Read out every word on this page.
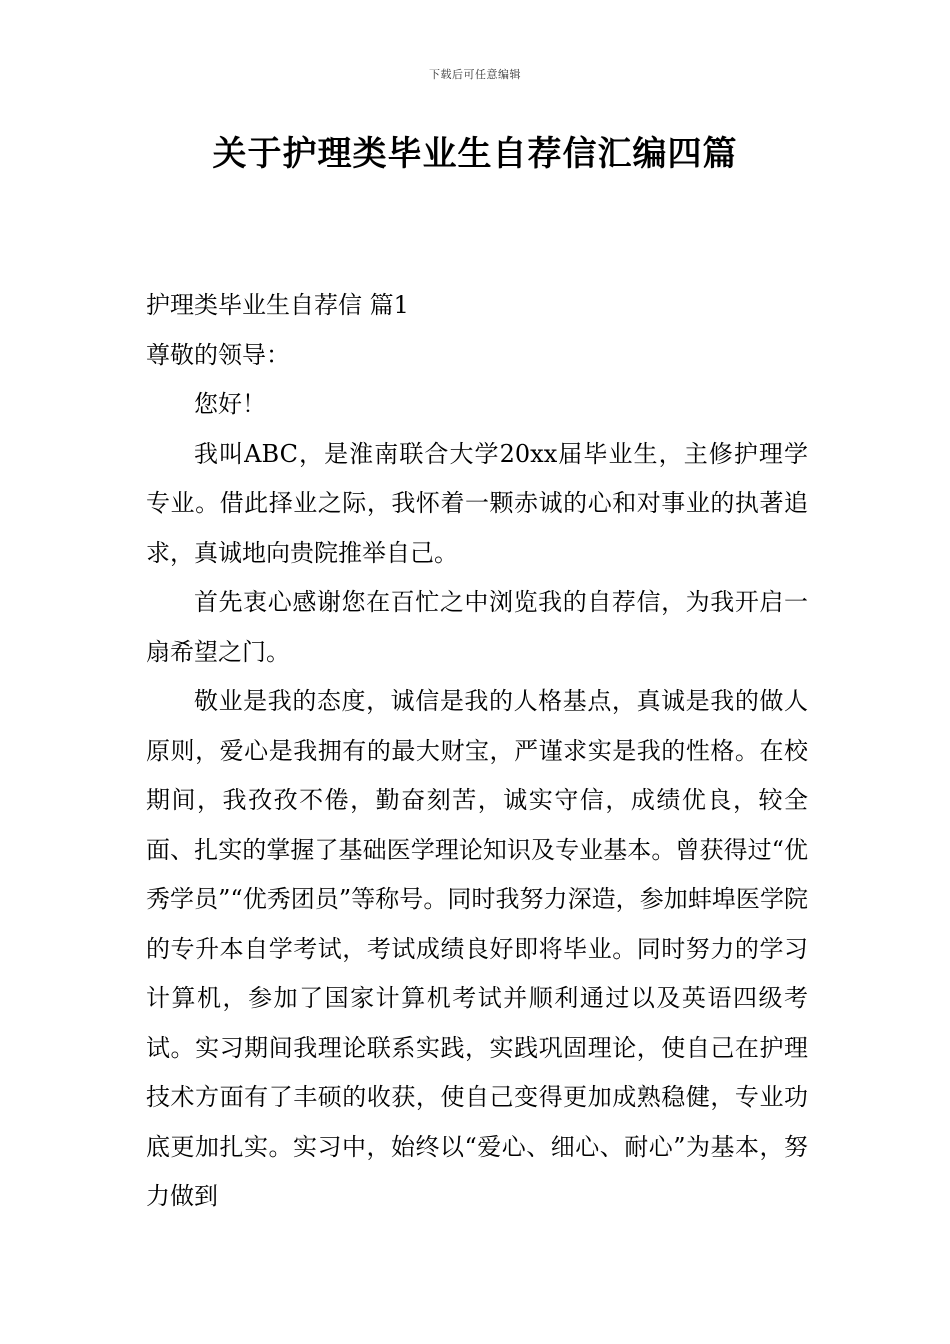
下载后可任意编辑
关于护理类毕业生自荐信汇编四篇

护理类毕业生自荐信 篇1

尊敬的领导：

您好！

我叫ABC，是淮南联合大学20xx届毕业生，主修护理学专业。借此择业之际，我怀着一颗赤诚的心和对事业的执著追求，真诚地向贵院推举自己。

首先衷心感谢您在百忙之中浏览我的自荐信，为我开启一扇希望之门。

敬业是我的态度，诚信是我的人格基点，真诚是我的做人原则，爱心是我拥有的最大财宝，严谨求实是我的性格。在校期间，我孜孜不倦，勤奋刻苦，诚实守信，成绩优良，较全面、扎实的掌握了基础医学理论知识及专业基本。曾获得过“优秀学员”“优秀团员”等称号。同时我努力深造，参加蚌埠医学院的专升本自学考试，考试成绩良好即将毕业。同时努力的学习计算机，参加了国家计算机考试并顺利通过以及英语四级考试。实习期间我理论联系实践，实践巩固理论，使自己在护理技术方面有了丰硕的收获，使自己变得更加成熟稳健，专业功底更加扎实。实习中，始终以“爱心、细心、耐心”为基本，努力做到
